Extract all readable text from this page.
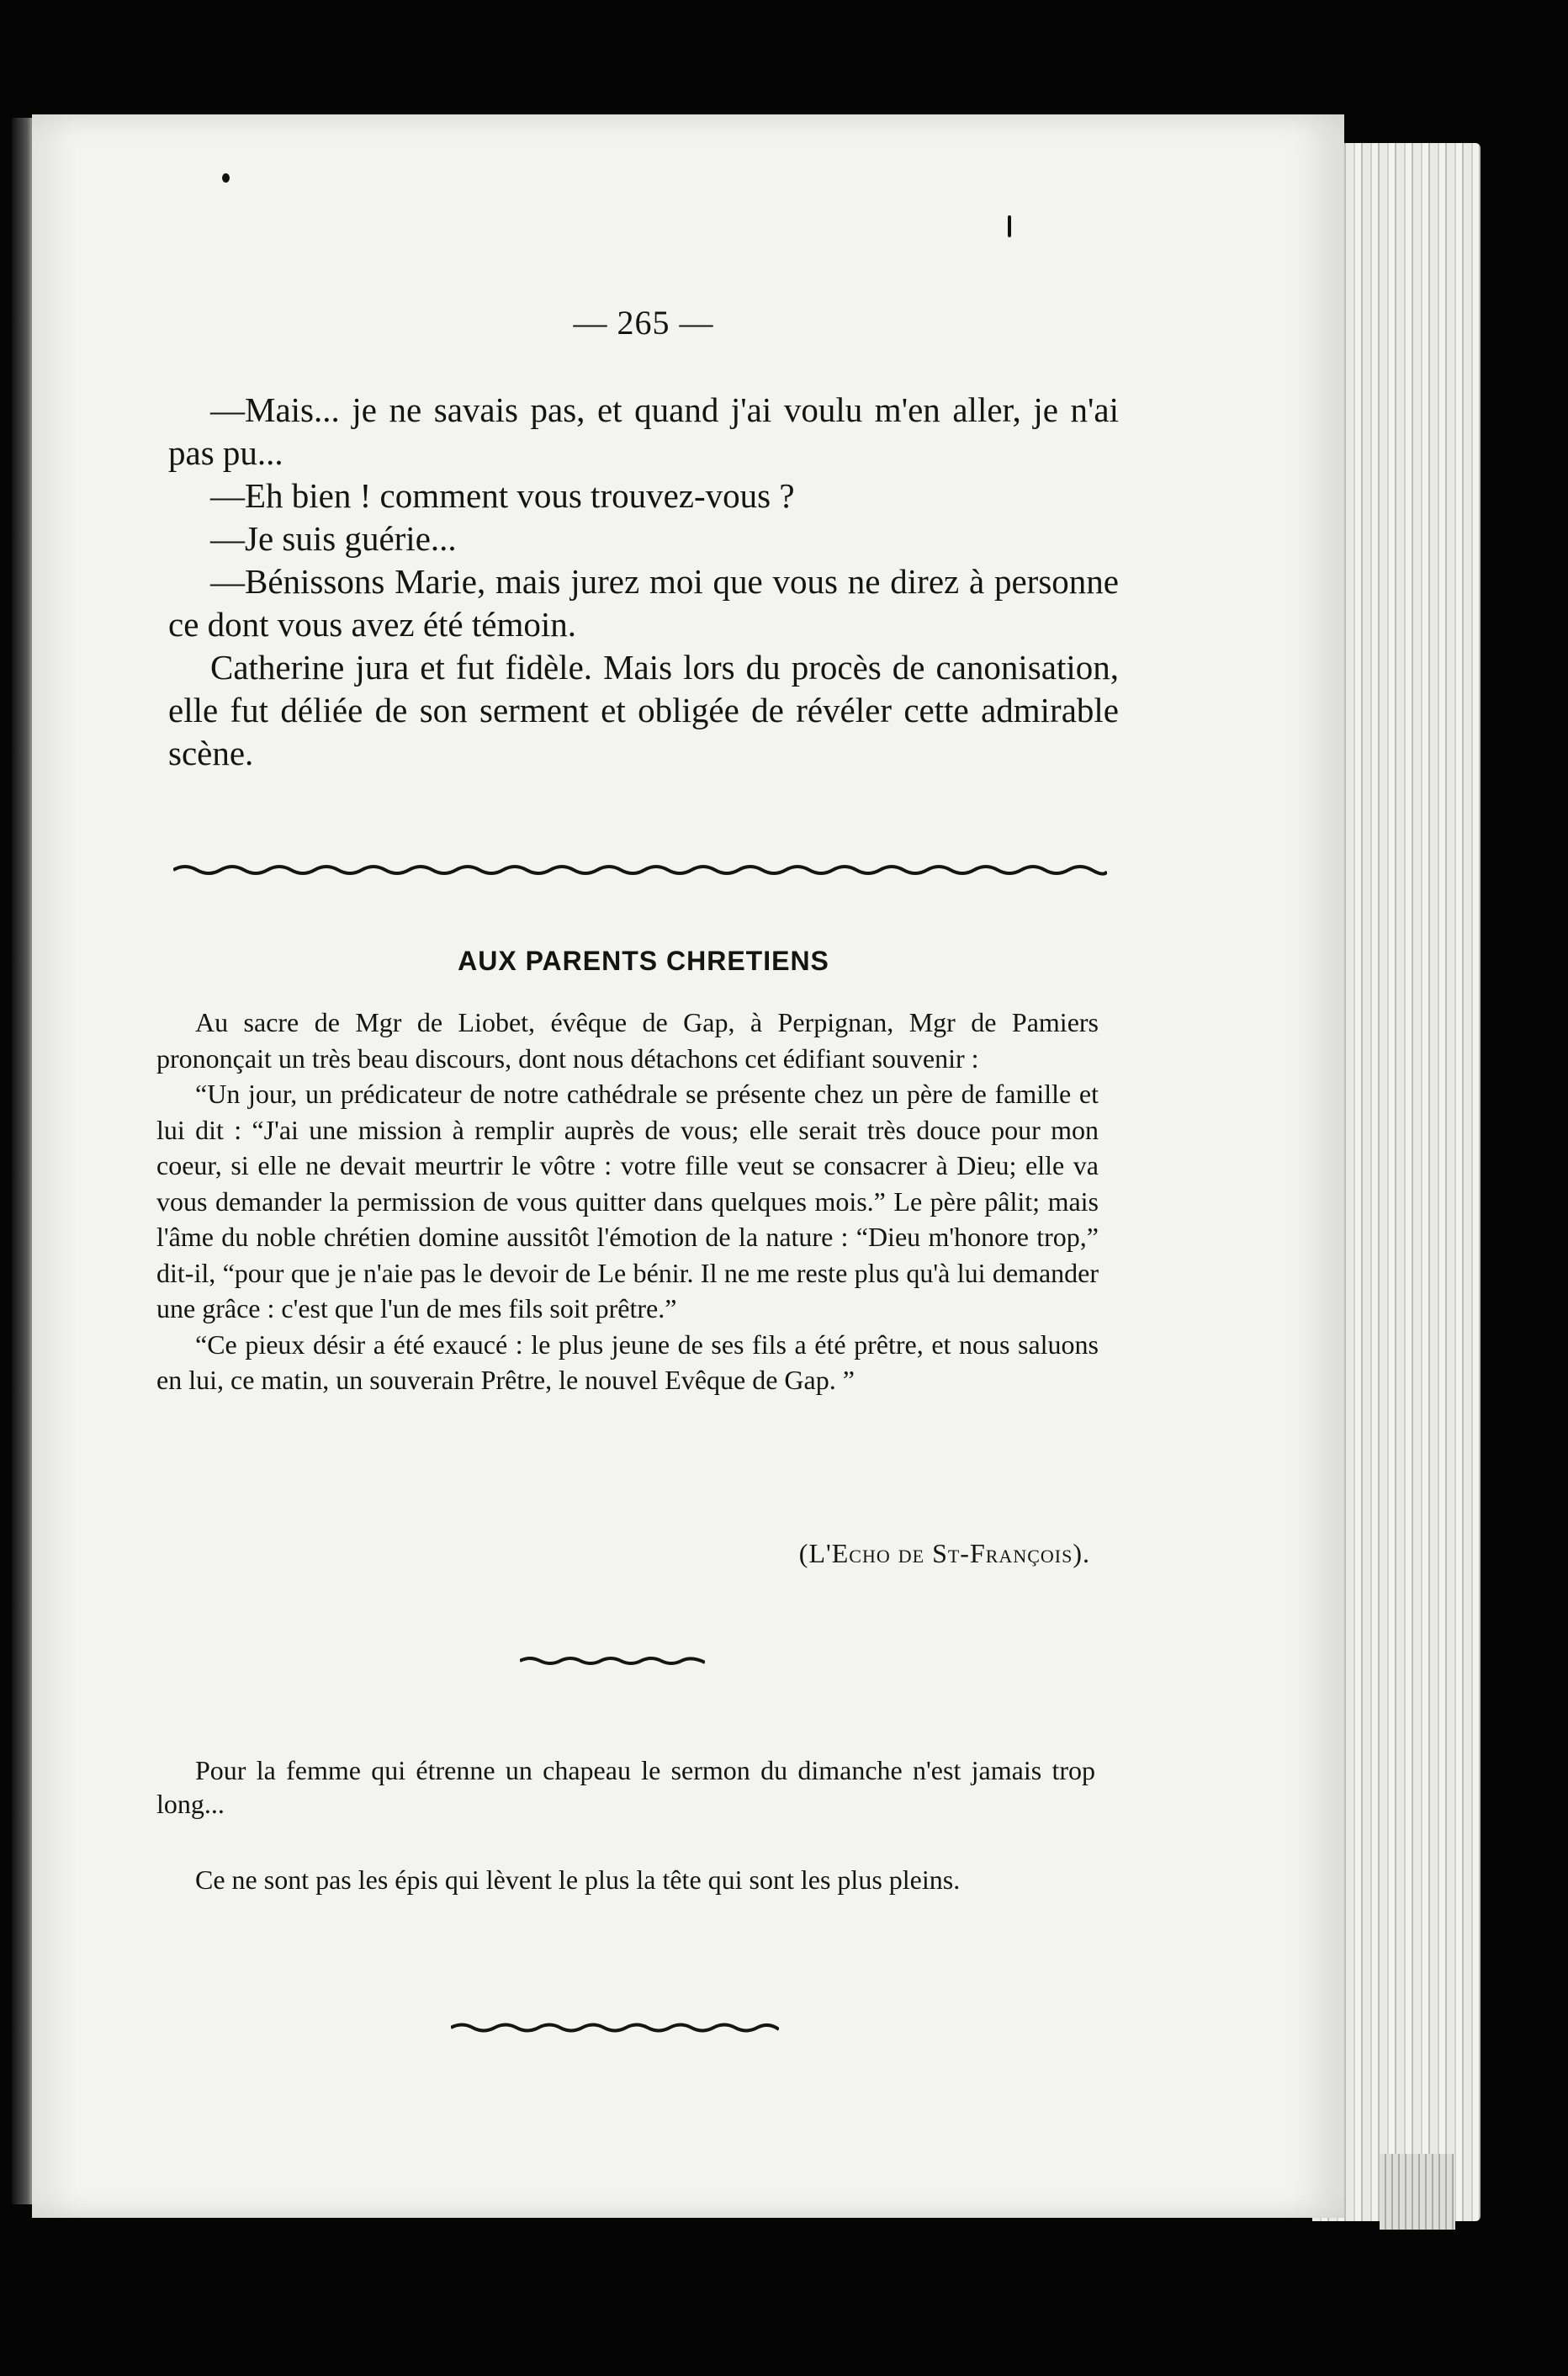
— 265 —

—Mais... je ne savais pas, et quand j'ai voulu m'en aller, je n'ai pas pu...

—Eh bien ! comment vous trouvez-vous ?

—Je suis guérie...

—Bénissons Marie, mais jurez moi que vous ne direz à personne ce dont vous avez été témoin.

Catherine jura et fut fidèle. Mais lors du procès de canonisation, elle fut déliée de son serment et obligée de révéler cette admirable scène.

AUX PARENTS CHRETIENS

Au sacre de Mgr de Liobet, évêque de Gap, à Perpignan, Mgr de Pamiers prononçait un très beau discours, dont nous détachons cet édifiant souvenir :

“Un jour, un prédicateur de notre cathédrale se présente chez un père de famille et lui dit : “J'ai une mission à remplir auprès de vous; elle serait très douce pour mon coeur, si elle ne devait meurtrir le vôtre : votre fille veut se consacrer à Dieu; elle va vous demander la permission de vous quitter dans quelques mois.” Le père pâlit; mais l'âme du noble chrétien domine aussitôt l'émotion de la nature : “Dieu m'honore trop,” dit-il, “pour que je n'aie pas le devoir de Le bénir. Il ne me reste plus qu'à lui demander une grâce : c'est que l'un de mes fils soit prêtre.”

“Ce pieux désir a été exaucé : le plus jeune de ses fils a été prêtre, et nous saluons en lui, ce matin, un souverain Prêtre, le nouvel Evêque de Gap. ”

(L'Echo de St-François).

Pour la femme qui étrenne un chapeau le sermon du dimanche n'est jamais trop long...

Ce ne sont pas les épis qui lèvent le plus la tête qui sont les plus pleins.
